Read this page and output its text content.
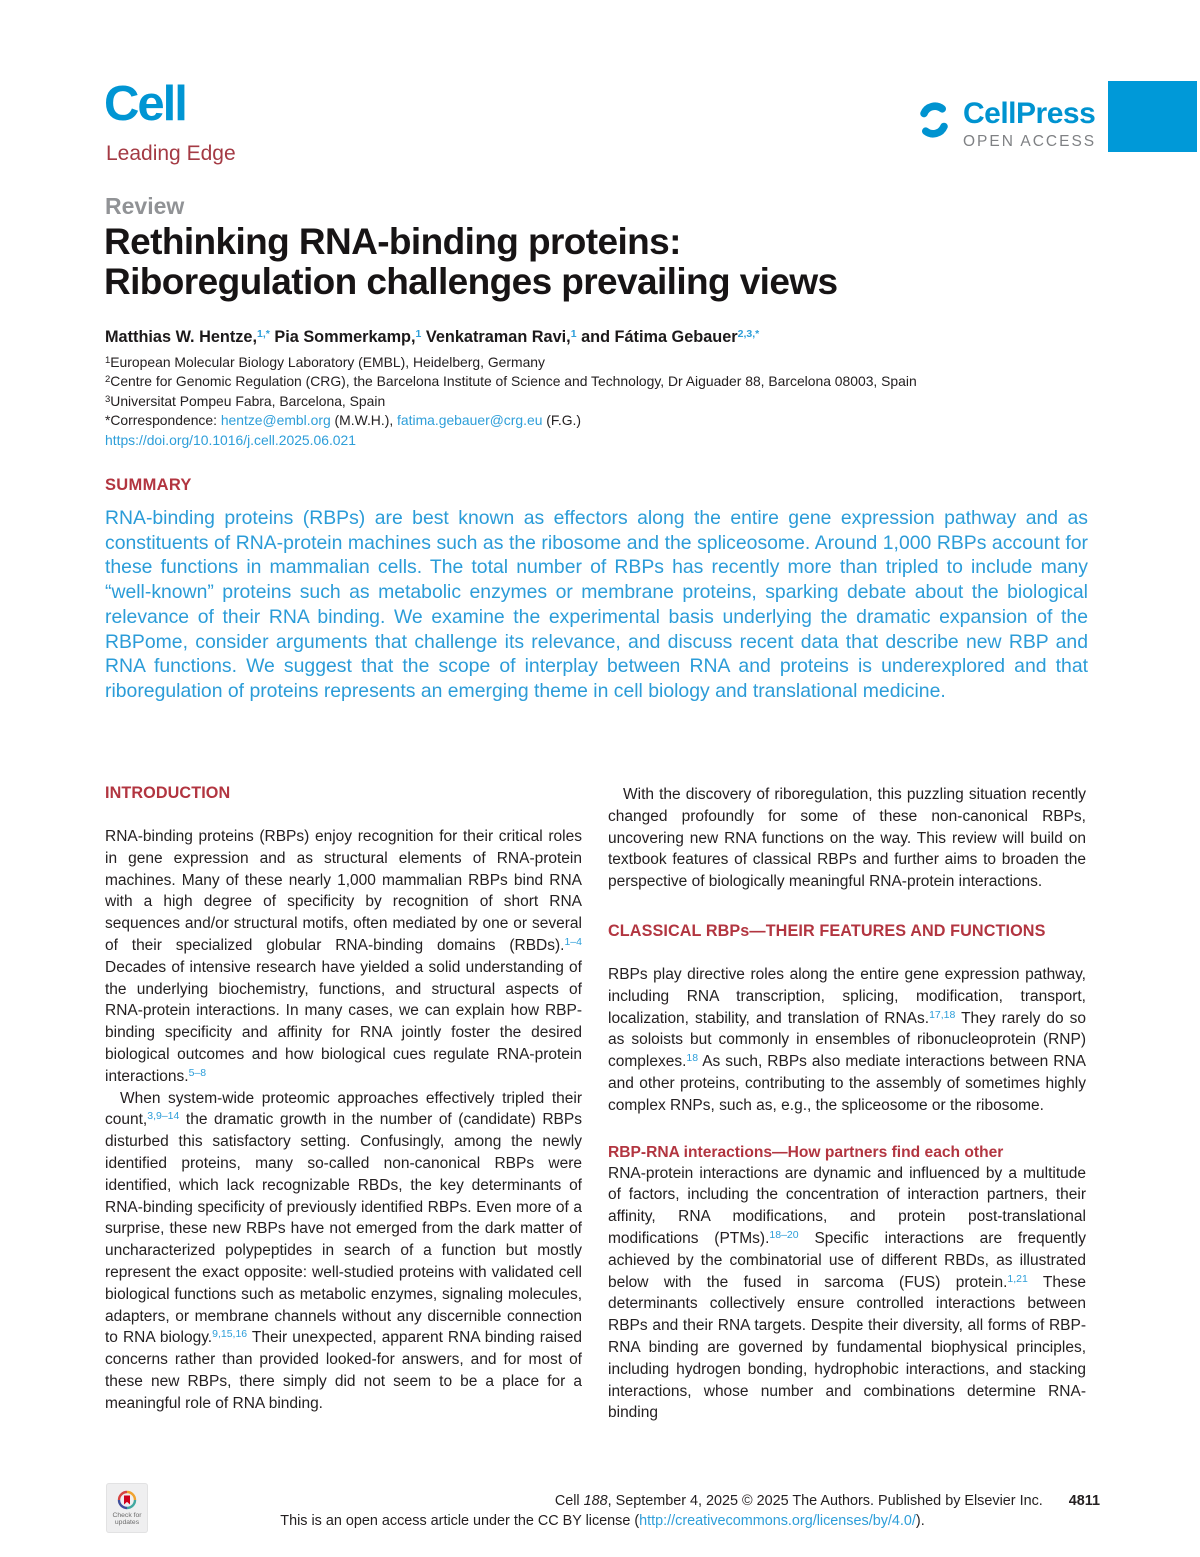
Cell
Leading Edge
CellPress
OPEN ACCESS
Review
Rethinking RNA-binding proteins:
Riboregulation challenges prevailing views
Matthias W. Hentze,$^{1,*}$ Pia Sommerkamp,$^1$ Venkatraman Ravi,$^1$ and Fátima Gebauer$^{2,3,*}$
$^1$European Molecular Biology Laboratory (EMBL), Heidelberg, Germany
$^2$Centre for Genomic Regulation (CRG), the Barcelona Institute of Science and Technology, Dr Aiguader 88, Barcelona 08003, Spain
$^3$Universitat Pompeu Fabra, Barcelona, Spain
*Correspondence: hentze@embl.org (M.W.H.), fatima.gebauer@crg.eu (F.G.)
https://doi.org/10.1016/j.cell.2025.06.021
SUMMARY
RNA-binding proteins (RBPs) are best known as effectors along the entire gene expression pathway and as constituents of RNA-protein machines such as the ribosome and the spliceosome. Around 1,000 RBPs account for these functions in mammalian cells. The total number of RBPs has recently more than tripled to include many “well-known” proteins such as metabolic enzymes or membrane proteins, sparking debate about the biological relevance of their RNA binding. We examine the experimental basis underlying the dramatic expansion of the RBPome, consider arguments that challenge its relevance, and discuss recent data that describe new RBP and RNA functions. We suggest that the scope of interplay between RNA and proteins is underexplored and that riboregulation of proteins represents an emerging theme in cell biology and translational medicine.
INTRODUCTION

RNA-binding proteins (RBPs) enjoy recognition for their critical roles in gene expression and as structural elements of RNA-protein machines. Many of these nearly 1,000 mammalian RBPs bind RNA with a high degree of specificity by recognition of short RNA sequences and/or structural motifs, often mediated by one or several of their specialized globular RNA-binding domains (RBDs).$^{1-4}$ Decades of intensive research have yielded a solid understanding of the underlying biochemistry, functions, and structural aspects of RNA-protein interactions. In many cases, we can explain how RBP-binding specificity and affinity for RNA jointly foster the desired biological outcomes and how biological cues regulate RNA-protein interactions.$^{5-8}$

When system-wide proteomic approaches effectively tripled their count,$^{3,9-14}$ the dramatic growth in the number of (candidate) RBPs disturbed this satisfactory setting. Confusingly, among the newly identified proteins, many so-called non-canonical RBPs were identified, which lack recognizable RBDs, the key determinants of RNA-binding specificity of previously identified RBPs. Even more of a surprise, these new RBPs have not emerged from the dark matter of uncharacterized polypeptides in search of a function but mostly represent the exact opposite: well-studied proteins with validated cell biological functions such as metabolic enzymes, signaling molecules, adapters, or membrane channels without any discernible connection to RNA biology.$^{9,15,16}$ Their unexpected, apparent RNA binding raised concerns rather than provided looked-for answers, and for most of these new RBPs, there simply did not seem to be a place for a meaningful role of RNA binding.

With the discovery of riboregulation, this puzzling situation recently changed profoundly for some of these non-canonical RBPs, uncovering new RNA functions on the way. This review will build on textbook features of classical RBPs and further aims to broaden the perspective of biologically meaningful RNA-protein interactions.

CLASSICAL RBPs—THEIR FEATURES AND FUNCTIONS

RBPs play directive roles along the entire gene expression pathway, including RNA transcription, splicing, modification, transport, localization, stability, and translation of RNAs.$^{17,18}$ They rarely do so as soloists but commonly in ensembles of ribonucleoprotein (RNP) complexes.$^{18}$ As such, RBPs also mediate interactions between RNA and other proteins, contributing to the assembly of sometimes highly complex RNPs, such as, e.g., the spliceosome or the ribosome.

RBP-RNA interactions—How partners find each other

RNA-protein interactions are dynamic and influenced by a multitude of factors, including the concentration of interaction partners, their affinity, RNA modifications, and protein post-translational modifications (PTMs).$^{18-20}$ Specific interactions are frequently achieved by the combinatorial use of different RBDs, as illustrated below with the fused in sarcoma (FUS) protein.$^{1,21}$ These determinants collectively ensure controlled interactions between RBPs and their RNA targets. Despite their diversity, all forms of RBP-RNA binding are governed by fundamental biophysical principles, including hydrogen bonding, hydrophobic interactions, and stacking interactions, whose number and combinations determine RNA-binding

Check for
updates
Cell 188, September 4, 2025 © 2025 The Authors. Published by Elsevier Inc. 4811
This is an open access article under the CC BY license (http://creativecommons.org/licenses/by/4.0/).
